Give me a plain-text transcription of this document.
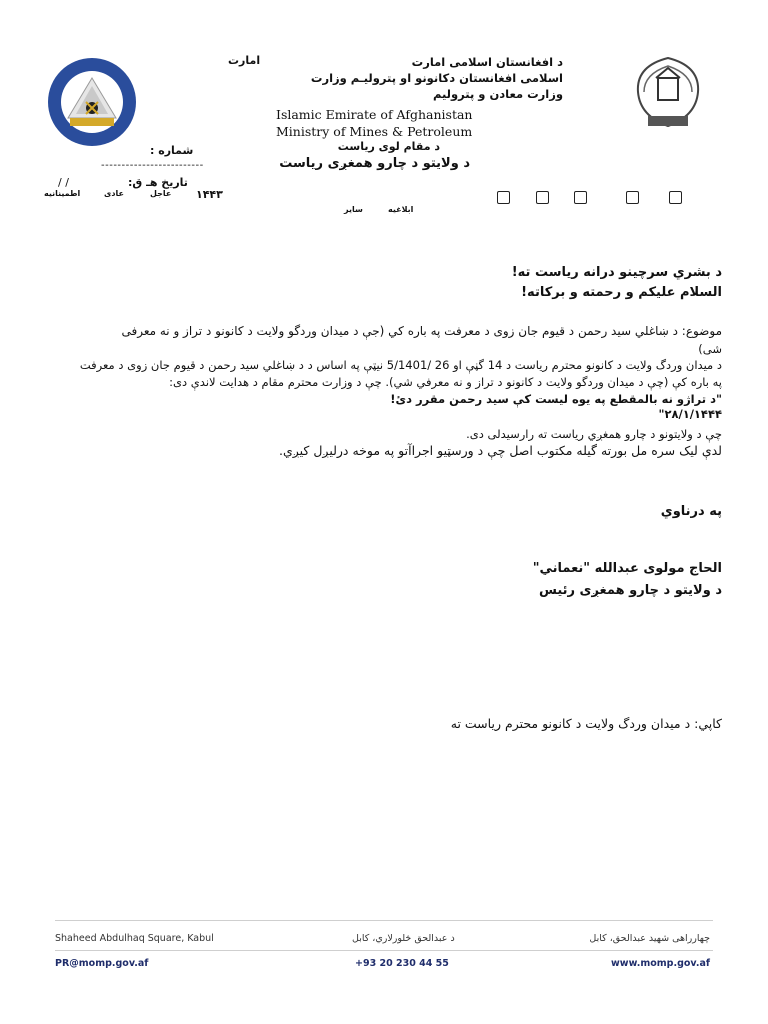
امارت	د افغانستان اسلامی امارت
اسلامی افغانستان دکانونو او پترولیـم وزارت
وزارت معادن و پترولیم
Islamic Emirate of Afghanistan
Ministry of Mines & Petroleum
د مقام لوی ریاست
د ولایتو د چارو همغږی ریاست
شماره :
-------------------------
تاریخ هـ ق:
/ /
۱۴۴۳
عاجل
عادی
اطمینانیه
ابلاغیه
سایر
د بشري سرچینو درانه ریاست ته!
السلام علیکم و رحمته و برکاته!
موضوع: د ښاغلي سید رحمن د قیوم جان زوی د معرفت په باره کي (جې د میدان وردگو ولایت د کانونو د تراز و نه معرفی
شی)
د میدان وردگ ولایت د کانونو محترم ریاست د 14 گڼې او 26 /5/1401 نیټې په اساس د د ښاغلي سید رحمن د قیوم جان زوی د معرفت
په باره کې (چې د میدان وردگو ولایت د کانونو د تراز و نه معرفي شي). چې د وزارت محترم مقام د هدایت لاندې دی:
"د تراژو نه بالمقطع په یوه لیست کې سید رحمن مقرر دیٔ!
"۲۸/۱/۱۴۴۴
چې د ولایتونو د چارو همغږي ریاست ته رارسیدلی دی.
لدې لیک سره مل بورته گیله مکتوب اصل چې د ورسټیو اجراآتو په موخه درلیږل کیږي.
په درناوي
الحاج مولوی عبدالله "نعماني"
د ولایتو د چارو همغږی رئیس
کاپي: د میدان وردگ ولایت د کانونو محترم ریاست ته
Shaheed Abdulhaq Square, Kabul	د عبدالحق څلورلاري، کابل	چهارراهی شهید عبدالحق، کابل
PR@momp.gov.af	+93 20 230 44 55	www.momp.gov.af
